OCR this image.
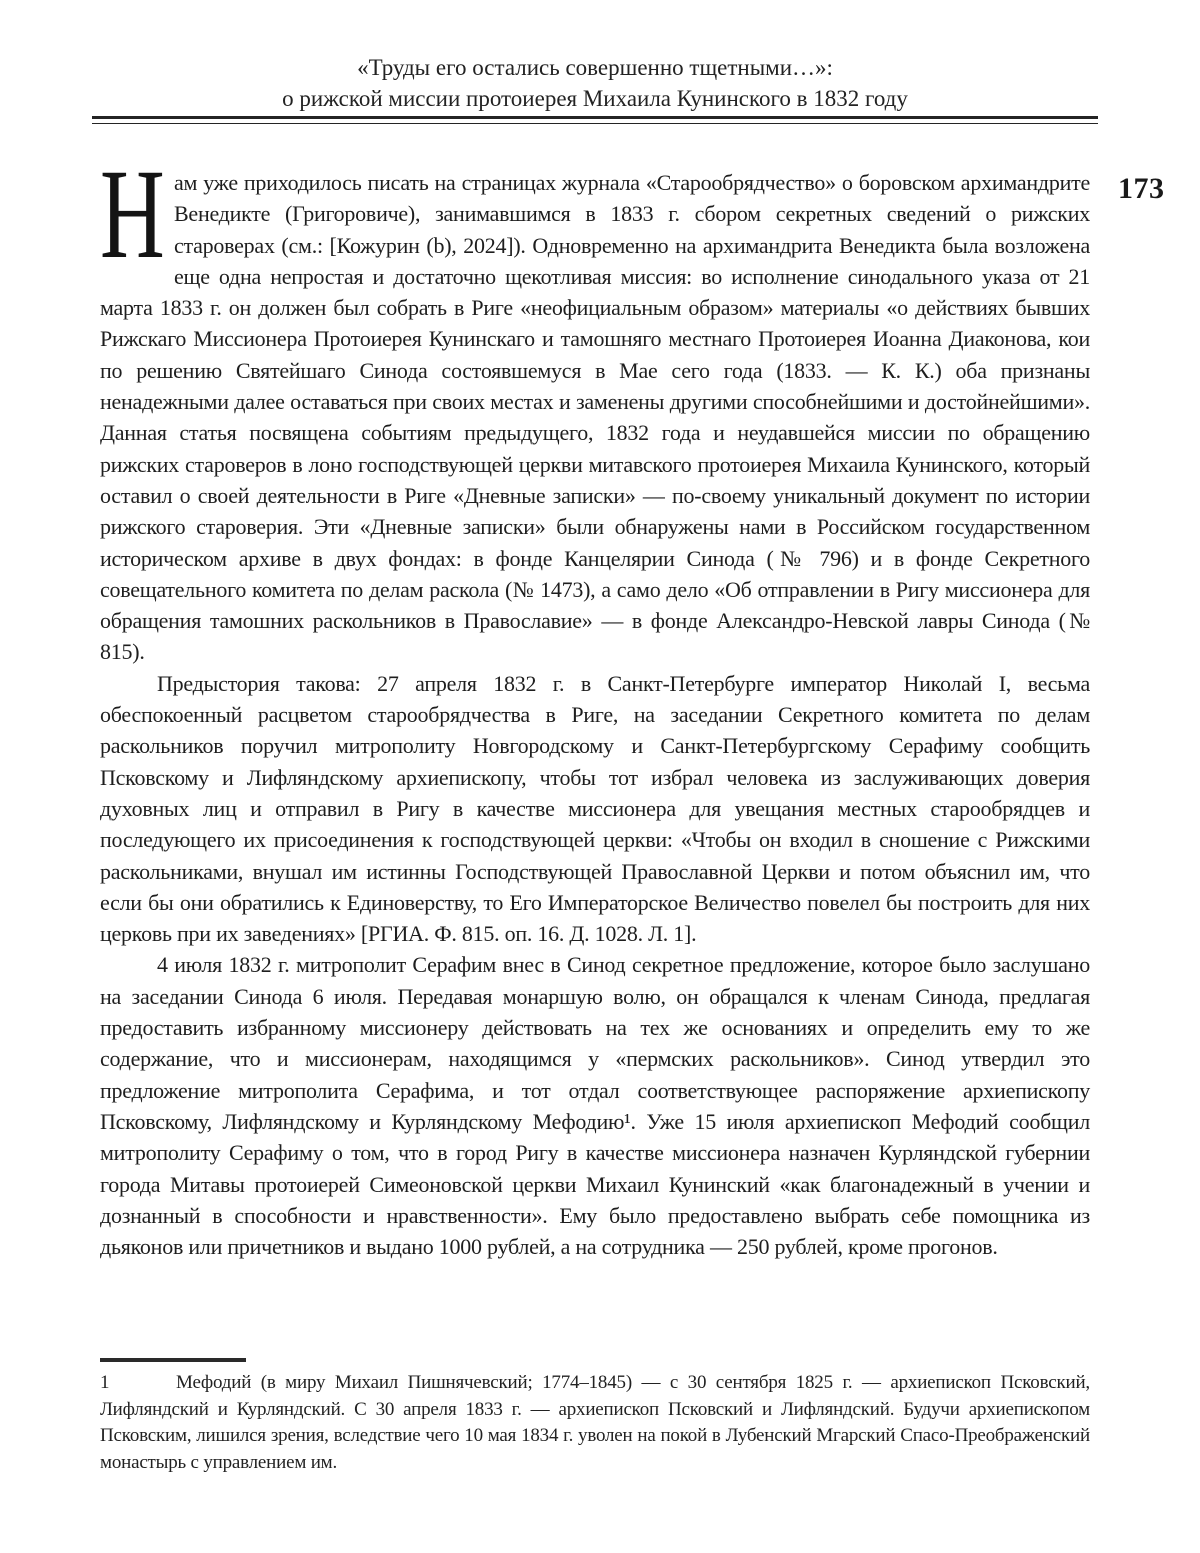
«Труды его остались совершенно тщетными…»:
о рижской миссии протоиерея Михаила Кунинского в 1832 году
173

Нам уже приходилось писать на страницах журнала «Старообрядчество» о боровском архимандрите Венедикте (Григоровиче), занимавшимся в 1833 г. сбором секретных сведений о рижских староверах (см.: [Кожурин (b), 2024]). Одновременно на архимандрита Венедикта была возложена еще одна непростая и достаточно щекотливая миссия: во исполнение синодального указа от 21 марта 1833 г. он должен был собрать в Риге «неофициальным образом» материалы «о действиях бывших Рижскаго Миссионера Протоиерея Кунинскаго и тамошняго местнаго Протоиерея Иоанна Диаконова, кои по решению Святейшаго Синода состоявшемуся в Мае сего года (1833. — К. К.) оба признаны ненадежными далее оставаться при своих местах и заменены другими способнейшими и достойнейшими». Данная статья посвящена событиям предыдущего, 1832 года и неудавшейся миссии по обращению рижских староверов в лоно господствующей церкви митавского протоиерея Михаила Кунинского, который оставил о своей деятельности в Риге «Дневные записки» — по-своему уникальный документ по истории рижского староверия. Эти «Дневные записки» были обнаружены нами в Российском государственном историческом архиве в двух фондах: в фонде Канцелярии Синода (№ 796) и в фонде Секретного совещательного комитета по делам раскола (№ 1473), а само дело «Об отправлении в Ригу миссионера для обращения тамошних раскольников в Православие» — в фонде Александро-Невской лавры Синода (№ 815).

Предыстория такова: 27 апреля 1832 г. в Санкт-Петербурге император Николай I, весьма обеспокоенный расцветом старообрядчества в Риге, на заседании Секретного комитета по делам раскольников поручил митрополиту Новгородскому и Санкт-Петербургскому Серафиму сообщить Псковскому и Лифляндскому архиепископу, чтобы тот избрал человека из заслуживающих доверия духовных лиц и отправил в Ригу в качестве миссионера для увещания местных старообрядцев и последующего их присоединения к господствующей церкви: «Чтобы он входил в сношение с Рижскими раскольниками, внушал им истинны Господствующей Православной Церкви и потом объяснил им, что если бы они обратились к Единоверству, то Его Императорское Величество повелел бы построить для них церковь при их заведениях» [РГИА. Ф. 815. оп. 16. Д. 1028. Л. 1].

4 июля 1832 г. митрополит Серафим внес в Синод секретное предложение, которое было заслушано на заседании Синода 6 июля. Передавая монаршую волю, он обращался к членам Синода, предлагая предоставить избранному миссионеру действовать на тех же основаниях и определить ему то же содержание, что и миссионерам, находящимся у «пермских раскольников». Синод утвердил это предложение митрополита Серафима, и тот отдал соответствующее распоряжение архиепископу Псковскому, Лифляндскому и Курляндскому Мефодию¹. Уже 15 июля архиепископ Мефодий сообщил митрополиту Серафиму о том, что в город Ригу в качестве миссионера назначен Курляндской губернии города Митавы протоиерей Симеоновской церкви Михаил Кунинский «как благонадежный в учении и дознанный в способности и нравственности». Ему было предоставлено выбрать себе помощника из дьяконов или причетников и выдано 1000 рублей, а на сотрудника — 250 рублей, кроме прогонов.

1	Мефодий (в миру Михаил Пишнячевский; 1774–1845) — с 30 сентября 1825 г. — архиепископ Псковский, Лифляндский и Курляндский. С 30 апреля 1833 г. — архиепископ Псковский и Лифляндский. Будучи архиепископом Псковским, лишился зрения, вследствие чего 10 мая 1834 г. уволен на покой в Лубенский Мгарский Спасо-Преображенский монастырь с управлением им.
